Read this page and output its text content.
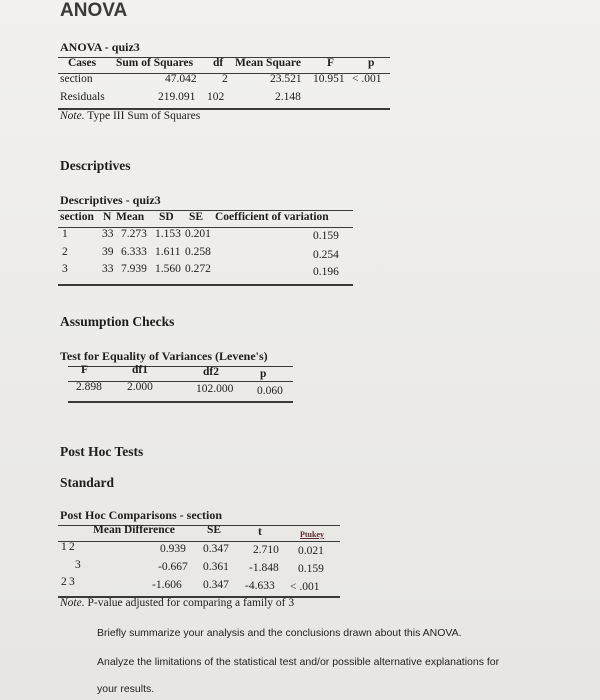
ANOVA
ANOVA - quiz3
Cases Sum of Squares df Mean Square F	p
section	47.042 2	23.521 10.951 < .001
Residuals	219.091 102	2.148
Note. Type III Sum of Squares
Descriptives
Descriptives - quiz3
section N Mean SD SE Coefficient of variation
1	33 7.273 1.153 0.201	0.159
2	39 6.333 1.611 0.258	0.254
3	33 7.939 1.560 0.272	0.196
Assumption Checks
Test for Equality of Variances (Levene's)
F	df1	df2	p
2.898 2.000	102.000 0.060
Post Hoc Tests
Standard
Post Hoc Comparisons - section
Mean Difference	SE	t	Ptukey
1 2	0.939 0.347 2.710 0.021
3	-0.667 0.361 -1.848 0.159
2 3	-1.606 0.347 -4.633 < .001
Note. P-value adjusted for comparing a family of 3
Briefly summarize your analysis and the conclusions drawn about this ANOVA.
Analyze the limitations of the statistical test and/or possible alternative explanations for
your results.
